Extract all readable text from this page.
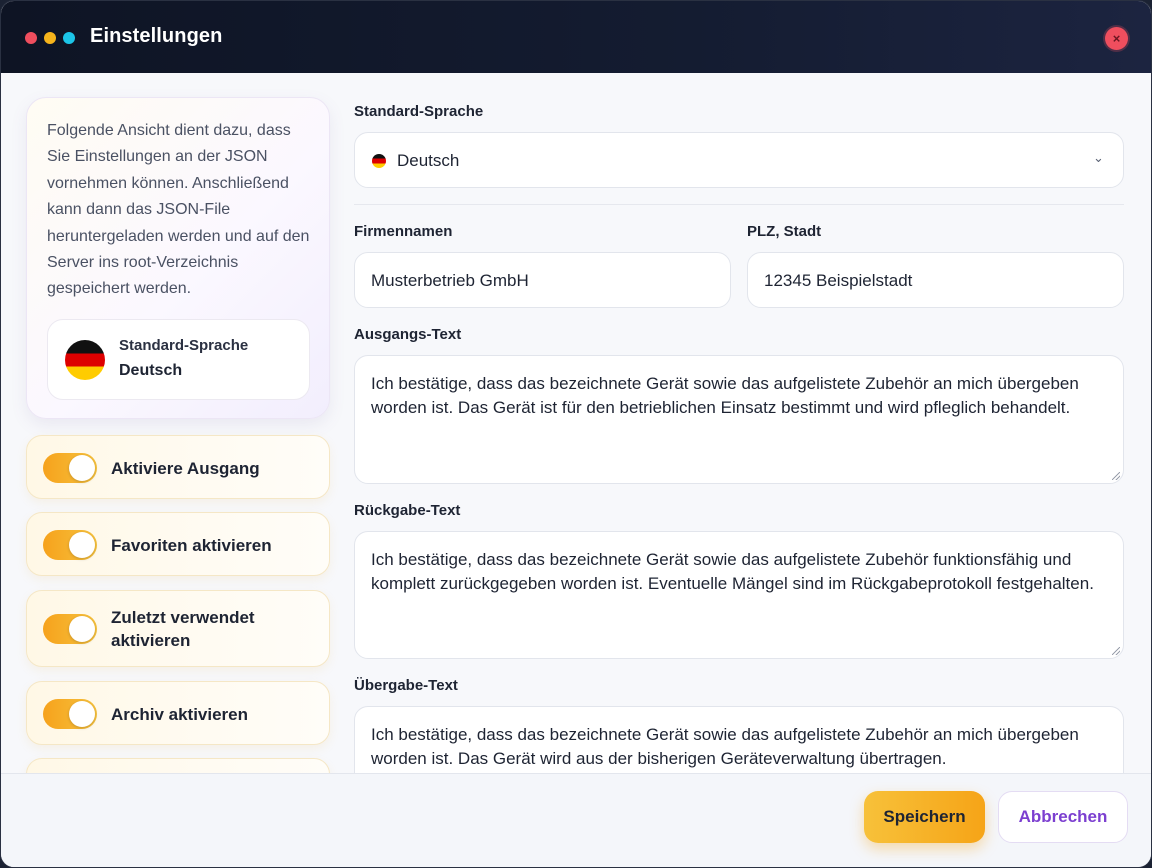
Einstellungen	×
Folgende Ansicht dient dazu, dass Sie Einstellungen an der JSON vornehmen können. Anschließend kann dann das JSON-File heruntergeladen werden und auf den Server ins root-Verzeichnis gespeichert werden.
Standard-Sprache
Deutsch
Aktiviere Ausgang
Favoriten aktivieren
Zuletzt verwendet aktivieren
Archiv aktivieren
Standard-Sprache
Deutsch	⌄
Firmennamen
Musterbetrieb GmbH
PLZ, Stadt
12345 Beispielstadt
Ausgangs-Text
Ich bestätige, dass das bezeichnete Gerät sowie das aufgelistete Zubehör an mich übergeben worden ist. Das Gerät ist für den betrieblichen Einsatz bestimmt und wird pfleglich behandelt.
Rückgabe-Text
Ich bestätige, dass das bezeichnete Gerät sowie das aufgelistete Zubehör funktionsfähig und komplett zurückgegeben worden ist. Eventuelle Mängel sind im Rückgabeprotokoll festgehalten.
Übergabe-Text
Ich bestätige, dass das bezeichnete Gerät sowie das aufgelistete Zubehör an mich übergeben worden ist. Das Gerät wird aus der bisherigen Geräteverwaltung übertragen.
Speichern	Abbrechen
